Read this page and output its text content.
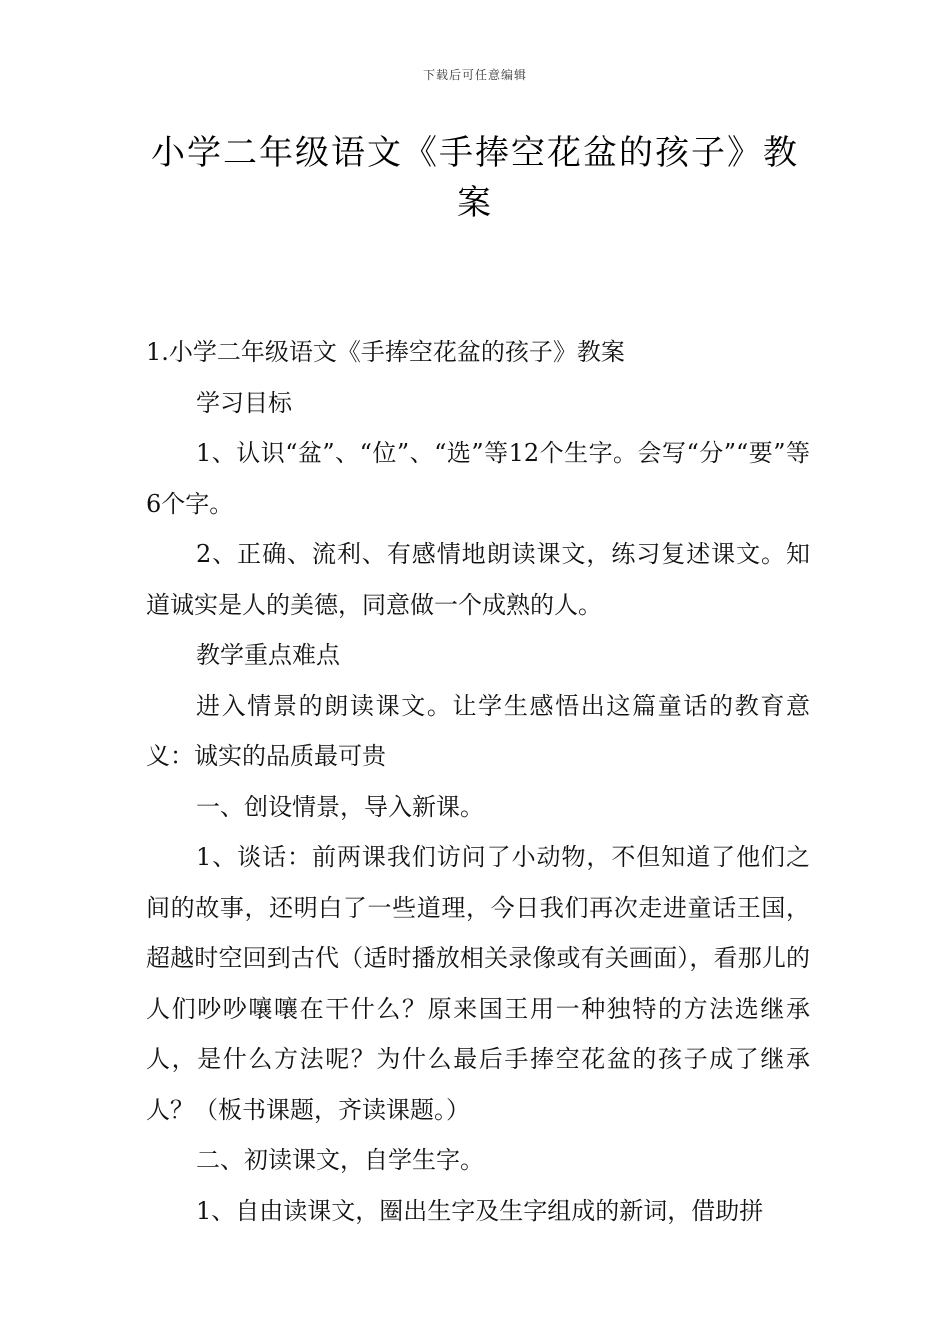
下载后可任意编辑
小学二年级语文《手捧空花盆的孩子》教案

1.小学二年级语文《手捧空花盆的孩子》教案

学习目标

1、认识“盆”、“位”、“选”等12个生字。会写“分”“要”等6个字。

2、正确、流利、有感情地朗读课文，练习复述课文。知道诚实是人的美德，同意做一个成熟的人。

教学重点难点

进入情景的朗读课文。让学生感悟出这篇童话的教育意义：诚实的品质最可贵

一、创设情景，导入新课。

1、谈话：前两课我们访问了小动物，不但知道了他们之间的故事，还明白了一些道理，今日我们再次走进童话王国，超越时空回到古代（适时播放相关录像或有关画面），看那儿的人们吵吵嚷嚷在干什么？原来国王用一种独特的方法选继承人，是什么方法呢？为什么最后手捧空花盆的孩子成了继承人？（板书课题，齐读课题。）

二、初读课文，自学生字。

1、自由读课文，圈出生字及生字组成的新词，借助拼
